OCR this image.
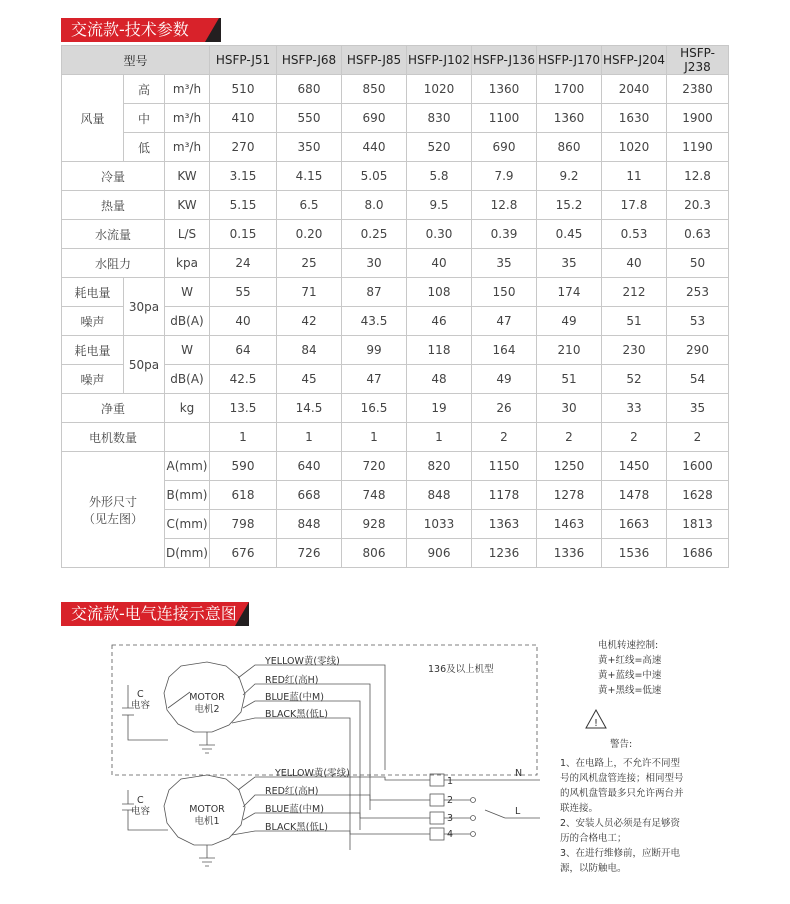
交流款-技术参数
型号			HSFP-J51	HSFP-J68	HSFP-J85	HSFP-J102	HSFP-J136	HSFP-J170	HSFP-J204	HSFP-J238
风量	高	m³/h	510	680	850	1020	1360	1700	2040	2380
	中	m³/h	410	550	690	830	1100	1360	1630	1900
	低	m³/h	270	350	440	520	690	860	1020	1190
冷量		KW	3.15	4.15	5.05	5.8	7.9	9.2	11	12.8
热量		KW	5.15	6.5	8.0	9.5	12.8	15.2	17.8	20.3
水流量		L/S	0.15	0.20	0.25	0.30	0.39	0.45	0.53	0.63
水阻力		kpa	24	25	30	40	35	35	40	50
耗电量	30pa	W	55	71	87	108	150	174	212	253
噪声		dB(A)	40	42	43.5	46	47	49	51	53
耗电量	50pa	W	64	84	99	118	164	210	230	290
噪声		dB(A)	42.5	45	47	48	49	51	52	54
净重		kg	13.5	14.5	16.5	19	26	30	33	35
电机数量			1	1	1	1	2	2	2	2

外形尺寸
（见左图）		A(mm)	590	640	720	820	1150	1250	1450	1600
		B(mm)	618	668	748	848	1178	1278	1478	1628
		C(mm)	798	848	928	1033	1363	1463	1663	1813
		D(mm)	676	726	806	906	1236	1336	1536	1686
交流款-电气连接示意图
136及以上机型
MOTOR
电机2
C
电容
YELLOW黄(零线)
RED红(高H)
BLUE蓝(中M)
BLACK黑(低L)
MOTOR
电机1
C
电容
YELLOW黄(零线)
RED红(高H)
BLUE蓝(中M)
BLACK黑(低L)
1
2
3
4
N
L
!
电机转速控制:
黄+红线=高速
黄+蓝线=中速
黄+黑线=低速
警告:
1、在电路上，不允许不同型
号的风机盘管连接；相同型号
的风机盘管最多只允许两台并
联连接。
2、安装人员必须是有足够资
历的合格电工；
3、在进行维修前，应断开电
源，以防触电。
